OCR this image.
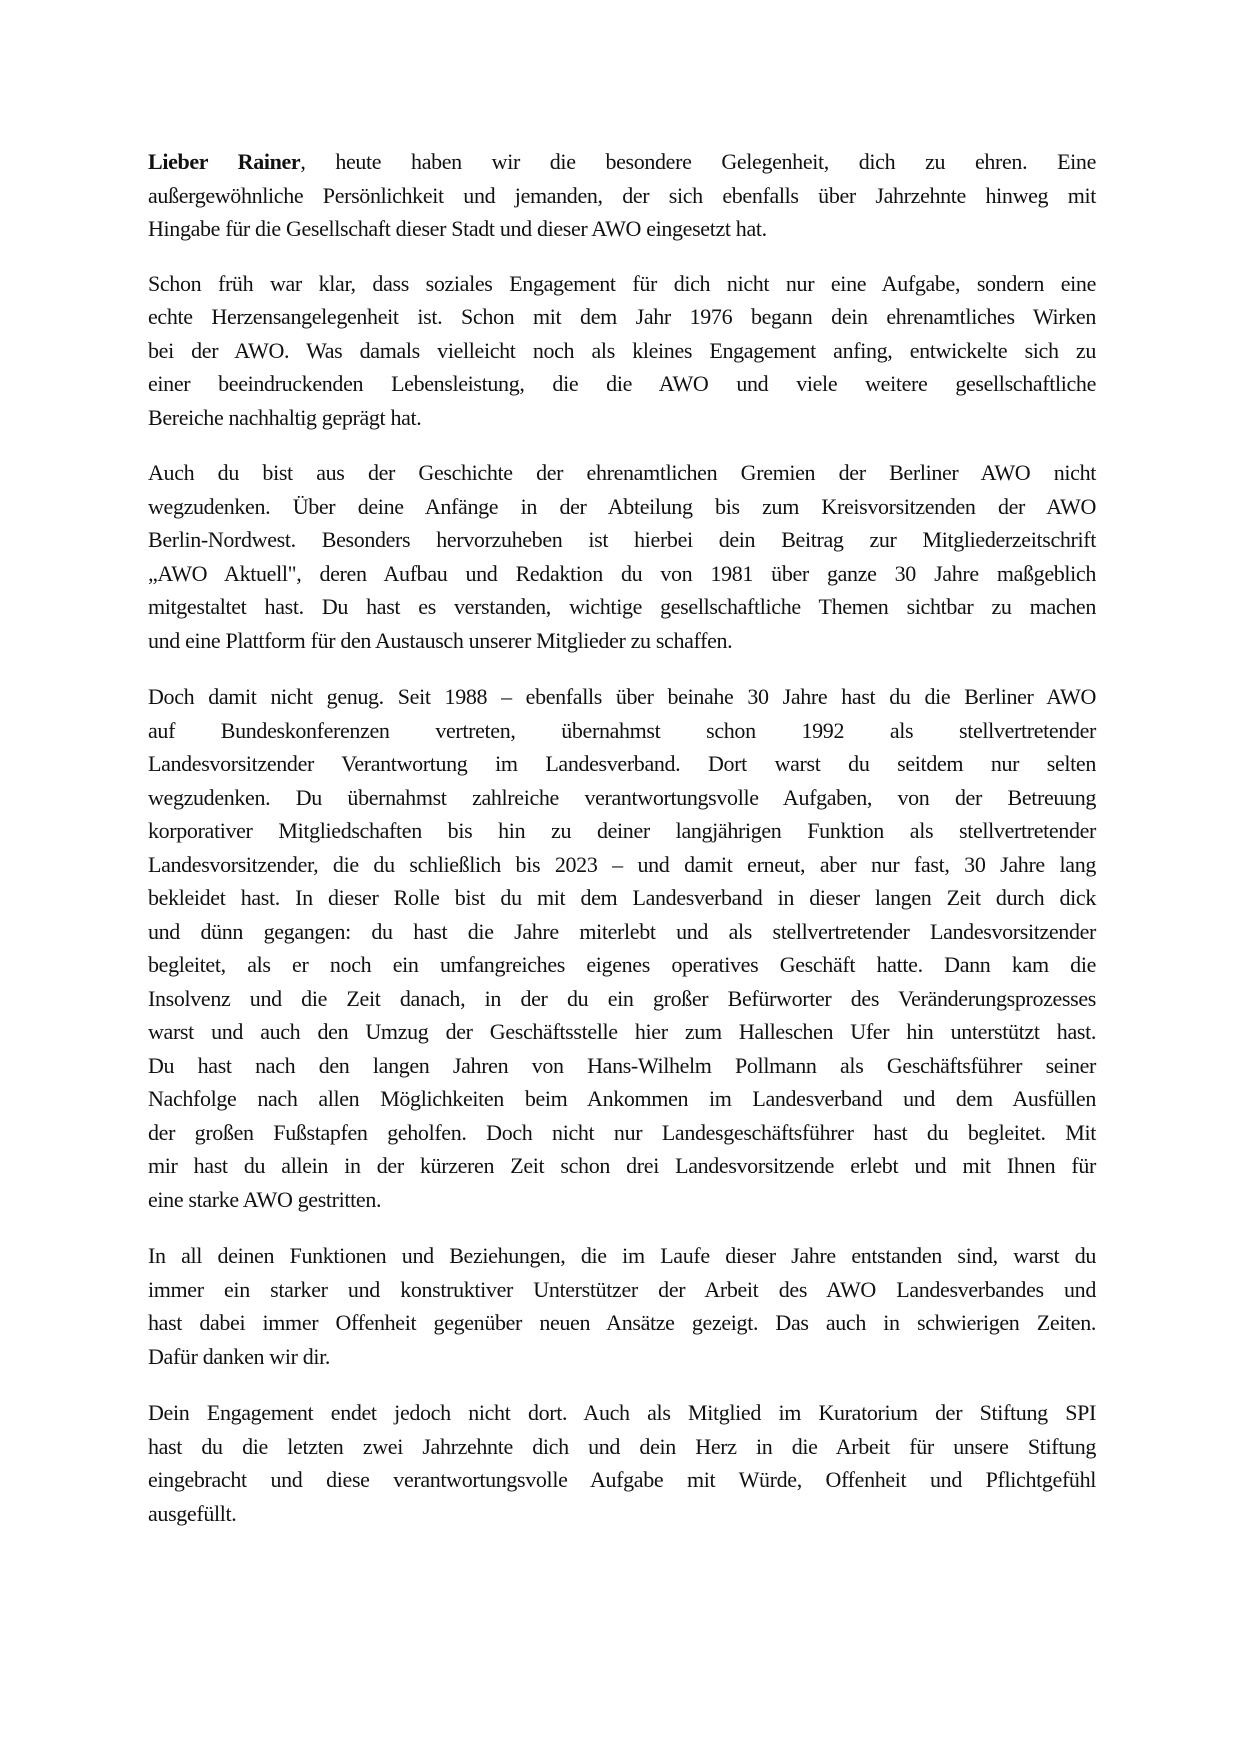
Lieber Rainer, heute haben wir die besondere Gelegenheit, dich zu ehren. Eine
außergewöhnliche Persönlichkeit und jemanden, der sich ebenfalls über Jahrzehnte hinweg mit
Hingabe für die Gesellschaft dieser Stadt und dieser AWO eingesetzt hat.
Schon früh war klar, dass soziales Engagement für dich nicht nur eine Aufgabe, sondern eine
echte Herzensangelegenheit ist. Schon mit dem Jahr 1976 begann dein ehrenamtliches Wirken
bei der AWO. Was damals vielleicht noch als kleines Engagement anfing, entwickelte sich zu
einer beeindruckenden Lebensleistung, die die AWO und viele weitere gesellschaftliche
Bereiche nachhaltig geprägt hat.
Auch du bist aus der Geschichte der ehrenamtlichen Gremien der Berliner AWO nicht
wegzudenken. Über deine Anfänge in der Abteilung bis zum Kreisvorsitzenden der AWO
Berlin-Nordwest. Besonders hervorzuheben ist hierbei dein Beitrag zur Mitgliederzeitschrift
„AWO Aktuell", deren Aufbau und Redaktion du von 1981 über ganze 30 Jahre maßgeblich
mitgestaltet hast. Du hast es verstanden, wichtige gesellschaftliche Themen sichtbar zu machen
und eine Plattform für den Austausch unserer Mitglieder zu schaffen.
Doch damit nicht genug. Seit 1988 – ebenfalls über beinahe 30 Jahre hast du die Berliner AWO
auf Bundeskonferenzen vertreten, übernahmst schon 1992 als stellvertretender
Landesvorsitzender Verantwortung im Landesverband. Dort warst du seitdem nur selten
wegzudenken. Du übernahmst zahlreiche verantwortungsvolle Aufgaben, von der Betreuung
korporativer Mitgliedschaften bis hin zu deiner langjährigen Funktion als stellvertretender
Landesvorsitzender, die du schließlich bis 2023 – und damit erneut, aber nur fast, 30 Jahre lang
bekleidet hast. In dieser Rolle bist du mit dem Landesverband in dieser langen Zeit durch dick
und dünn gegangen: du hast die Jahre miterlebt und als stellvertretender Landesvorsitzender
begleitet, als er noch ein umfangreiches eigenes operatives Geschäft hatte. Dann kam die
Insolvenz und die Zeit danach, in der du ein großer Befürworter des Veränderungsprozesses
warst und auch den Umzug der Geschäftsstelle hier zum Halleschen Ufer hin unterstützt hast.
Du hast nach den langen Jahren von Hans-Wilhelm Pollmann als Geschäftsführer seiner
Nachfolge nach allen Möglichkeiten beim Ankommen im Landesverband und dem Ausfüllen
der großen Fußstapfen geholfen. Doch nicht nur Landesgeschäftsführer hast du begleitet. Mit
mir hast du allein in der kürzeren Zeit schon drei Landesvorsitzende erlebt und mit Ihnen für
eine starke AWO gestritten.
In all deinen Funktionen und Beziehungen, die im Laufe dieser Jahre entstanden sind, warst du
immer ein starker und konstruktiver Unterstützer der Arbeit des AWO Landesverbandes und
hast dabei immer Offenheit gegenüber neuen Ansätze gezeigt. Das auch in schwierigen Zeiten.
Dafür danken wir dir.
Dein Engagement endet jedoch nicht dort. Auch als Mitglied im Kuratorium der Stiftung SPI
hast du die letzten zwei Jahrzehnte dich und dein Herz in die Arbeit für unsere Stiftung
eingebracht und diese verantwortungsvolle Aufgabe mit Würde, Offenheit und Pflichtgefühl
ausgefüllt.
